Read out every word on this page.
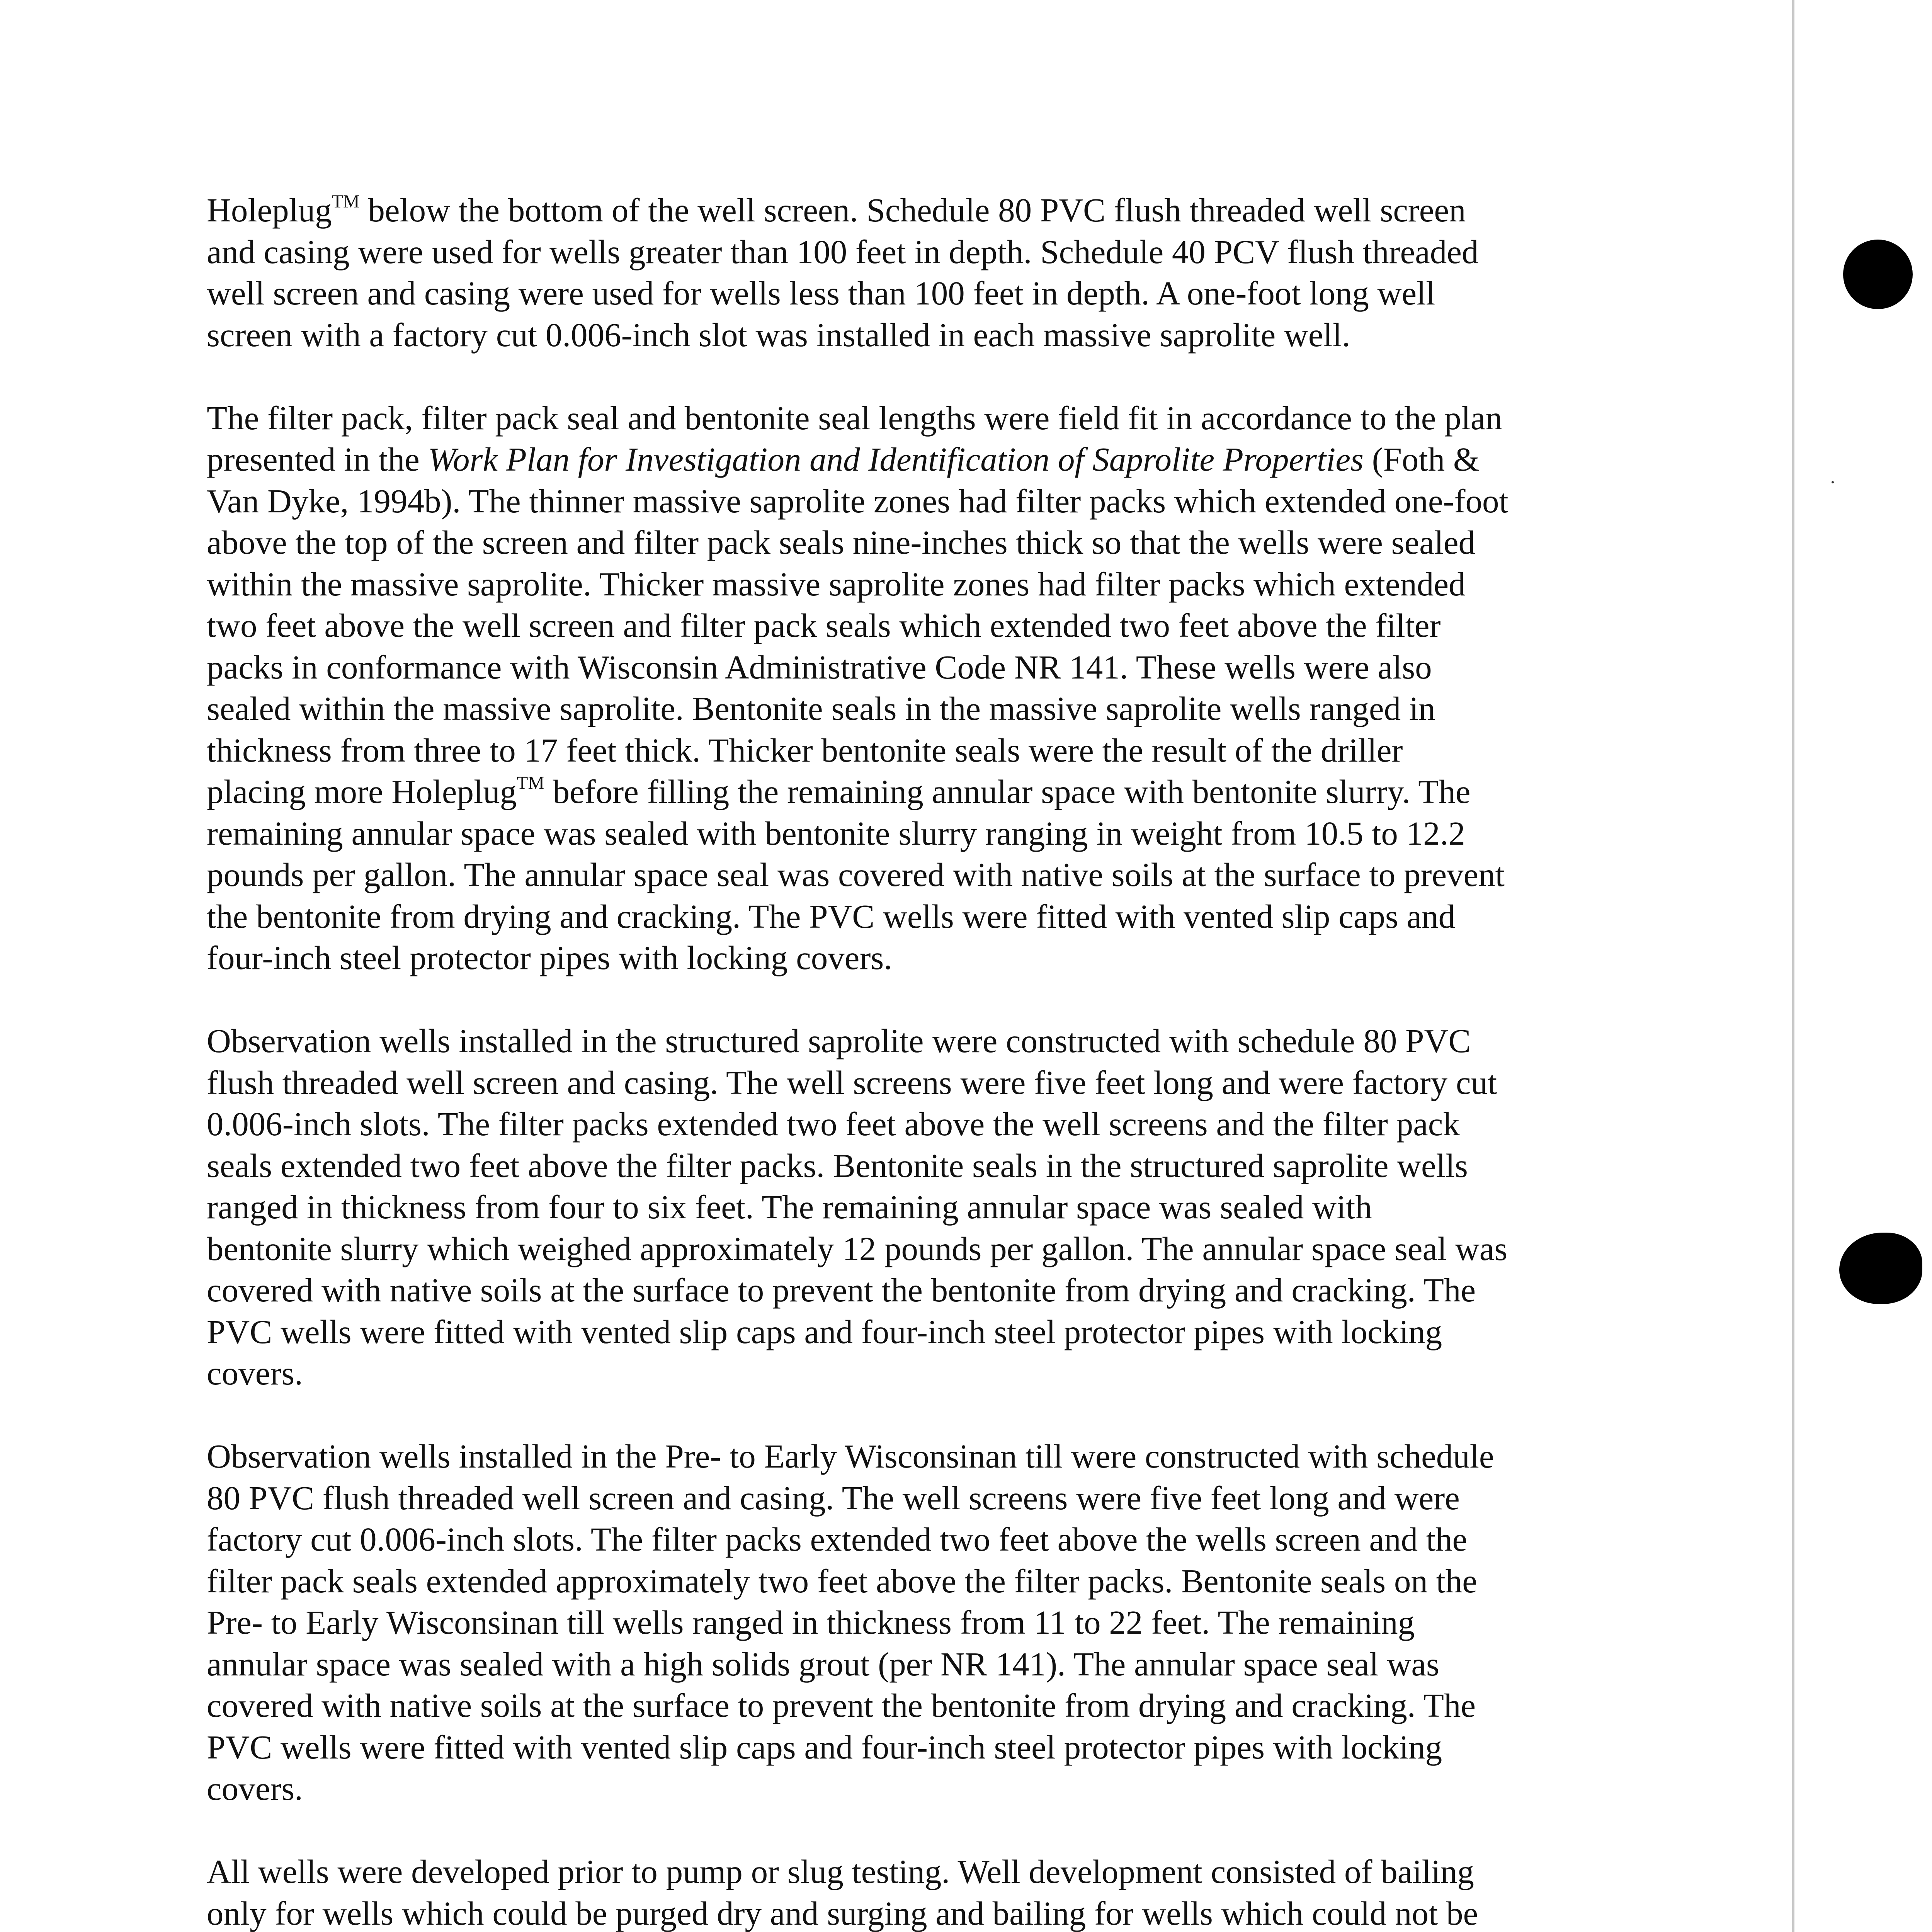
Holeplug™ below the bottom of the well screen. Schedule 80 PVC flush threaded well screen
and casing were used for wells greater than 100 feet in depth. Schedule 40 PCV flush threaded
well screen and casing were used for wells less than 100 feet in depth. A one-foot long well
screen with a factory cut 0.006-inch slot was installed in each massive saprolite well.
The filter pack, filter pack seal and bentonite seal lengths were field fit in accordance to the plan
presented in the Work Plan for Investigation and Identification of Saprolite Properties (Foth &
Van Dyke, 1994b). The thinner massive saprolite zones had filter packs which extended one-foot
above the top of the screen and filter pack seals nine-inches thick so that the wells were sealed
within the massive saprolite. Thicker massive saprolite zones had filter packs which extended
two feet above the well screen and filter pack seals which extended two feet above the filter
packs in conformance with Wisconsin Administrative Code NR 141. These wells were also
sealed within the massive saprolite. Bentonite seals in the massive saprolite wells ranged in
thickness from three to 17 feet thick. Thicker bentonite seals were the result of the driller
placing more Holeplug™ before filling the remaining annular space with bentonite slurry. The
remaining annular space was sealed with bentonite slurry ranging in weight from 10.5 to 12.2
pounds per gallon. The annular space seal was covered with native soils at the surface to prevent
the bentonite from drying and cracking. The PVC wells were fitted with vented slip caps and
four-inch steel protector pipes with locking covers.
Observation wells installed in the structured saprolite were constructed with schedule 80 PVC
flush threaded well screen and casing. The well screens were five feet long and were factory cut
0.006-inch slots. The filter packs extended two feet above the well screens and the filter pack
seals extended two feet above the filter packs. Bentonite seals in the structured saprolite wells
ranged in thickness from four to six feet. The remaining annular space was sealed with
bentonite slurry which weighed approximately 12 pounds per gallon. The annular space seal was
covered with native soils at the surface to prevent the bentonite from drying and cracking. The
PVC wells were fitted with vented slip caps and four-inch steel protector pipes with locking
covers.
Observation wells installed in the Pre- to Early Wisconsinan till were constructed with schedule
80 PVC flush threaded well screen and casing. The well screens were five feet long and were
factory cut 0.006-inch slots. The filter packs extended two feet above the wells screen and the
filter pack seals extended approximately two feet above the filter packs. Bentonite seals on the
Pre- to Early Wisconsinan till wells ranged in thickness from 11 to 22 feet. The remaining
annular space was sealed with a high solids grout (per NR 141). The annular space seal was
covered with native soils at the surface to prevent the bentonite from drying and cracking. The
PVC wells were fitted with vented slip caps and four-inch steel protector pipes with locking
covers.
All wells were developed prior to pump or slug testing. Well development consisted of bailing
only for wells which could be purged dry and surging and bailing for wells which could not be
